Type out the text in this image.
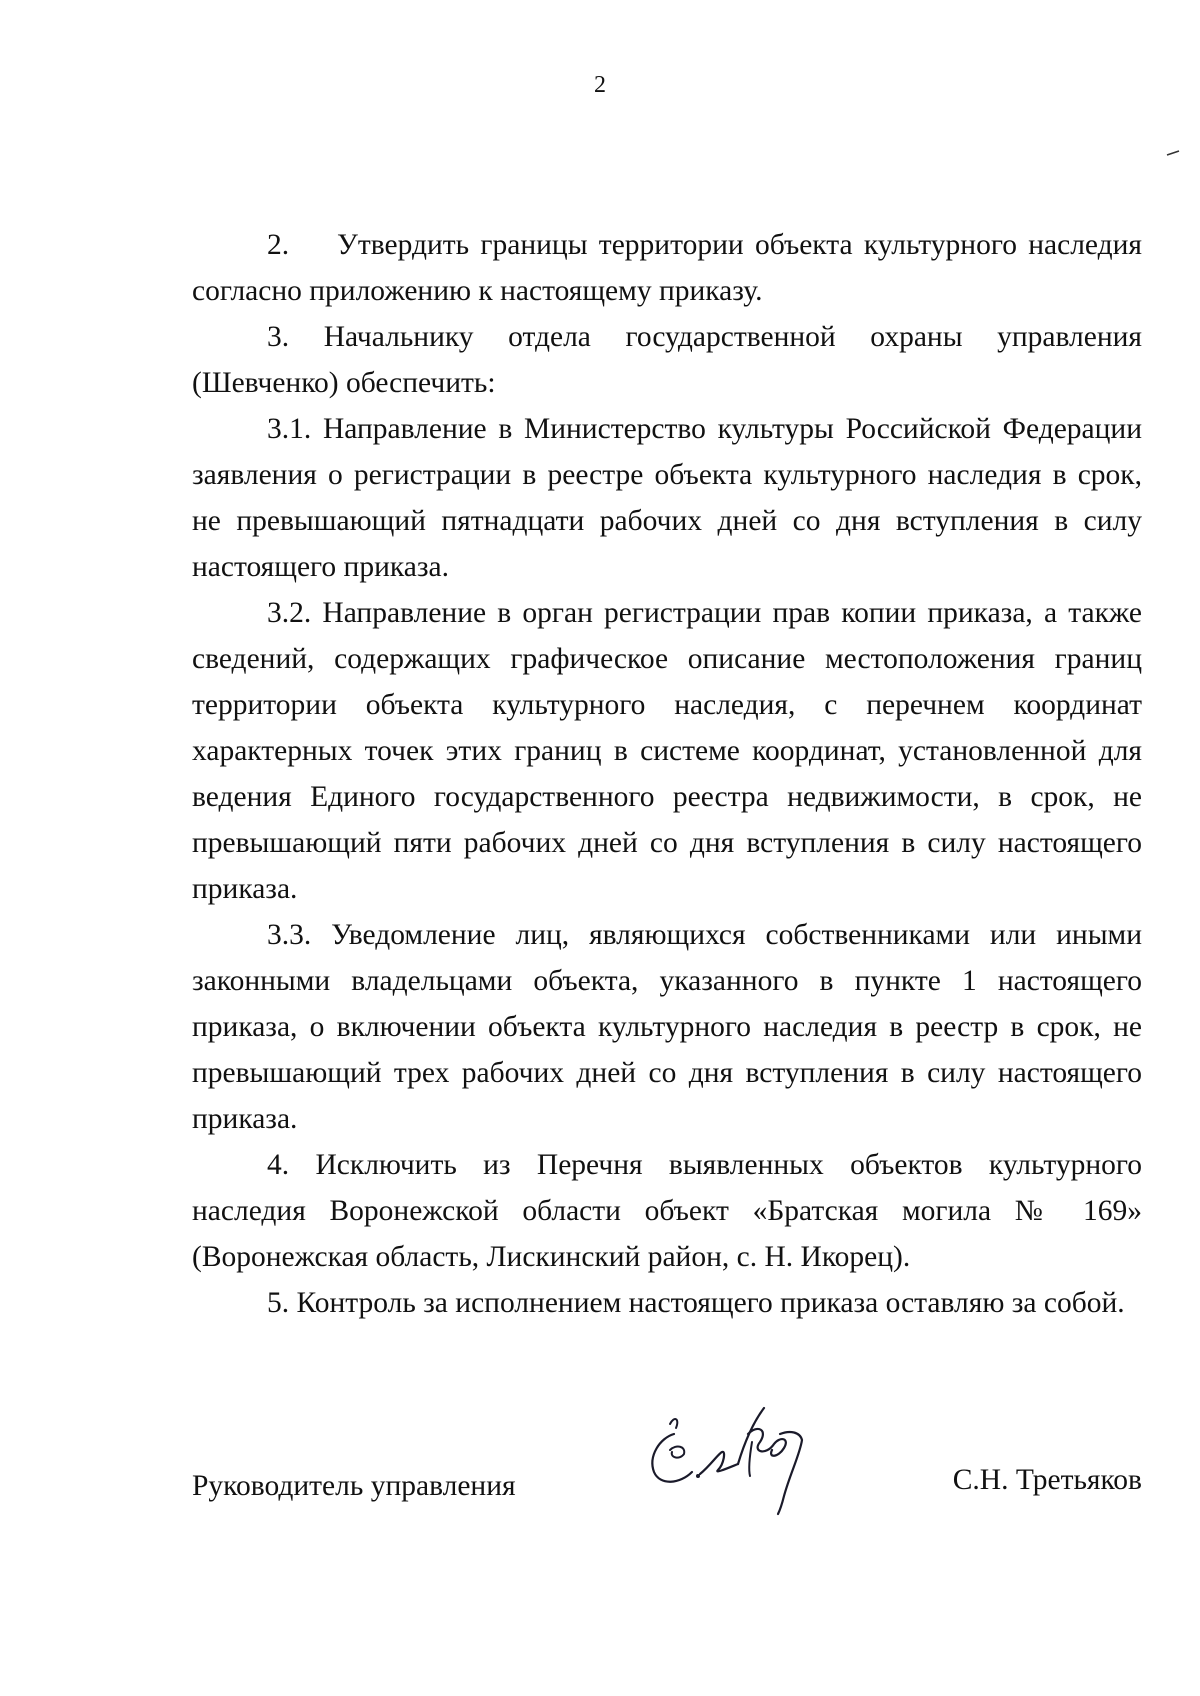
2

2. Утвердить границы территории объекта культурного наследия согласно приложению к настоящему приказу.

3. Начальнику отдела государственной охраны управления (Шевченко) обеспечить:

3.1. Направление в Министерство культуры Российской Федерации заявления о регистрации в реестре объекта культурного наследия в срок, не превышающий пятнадцати рабочих дней со дня вступления в силу настоящего приказа.

3.2. Направление в орган регистрации прав копии приказа, а также сведений, содержащих графическое описание местоположения границ территории объекта культурного наследия, с перечнем координат характерных точек этих границ в системе координат, установленной для ведения Единого государственного реестра недвижимости, в срок, не превышающий пяти рабочих дней со дня вступления в силу настоящего приказа.

3.3. Уведомление лиц, являющихся собственниками или иными законными владельцами объекта, указанного в пункте 1 настоящего приказа, о включении объекта культурного наследия в реестр в срок, не превышающий трех рабочих дней со дня вступления в силу настоящего приказа.

4. Исключить из Перечня выявленных объектов культурного наследия Воронежской области объект «Братская могила № 169» (Воронежская область, Лискинский район, с. Н. Икорец).

5. Контроль за исполнением настоящего приказа оставляю за собой.

Руководитель управления	С.Н. Третьяков
